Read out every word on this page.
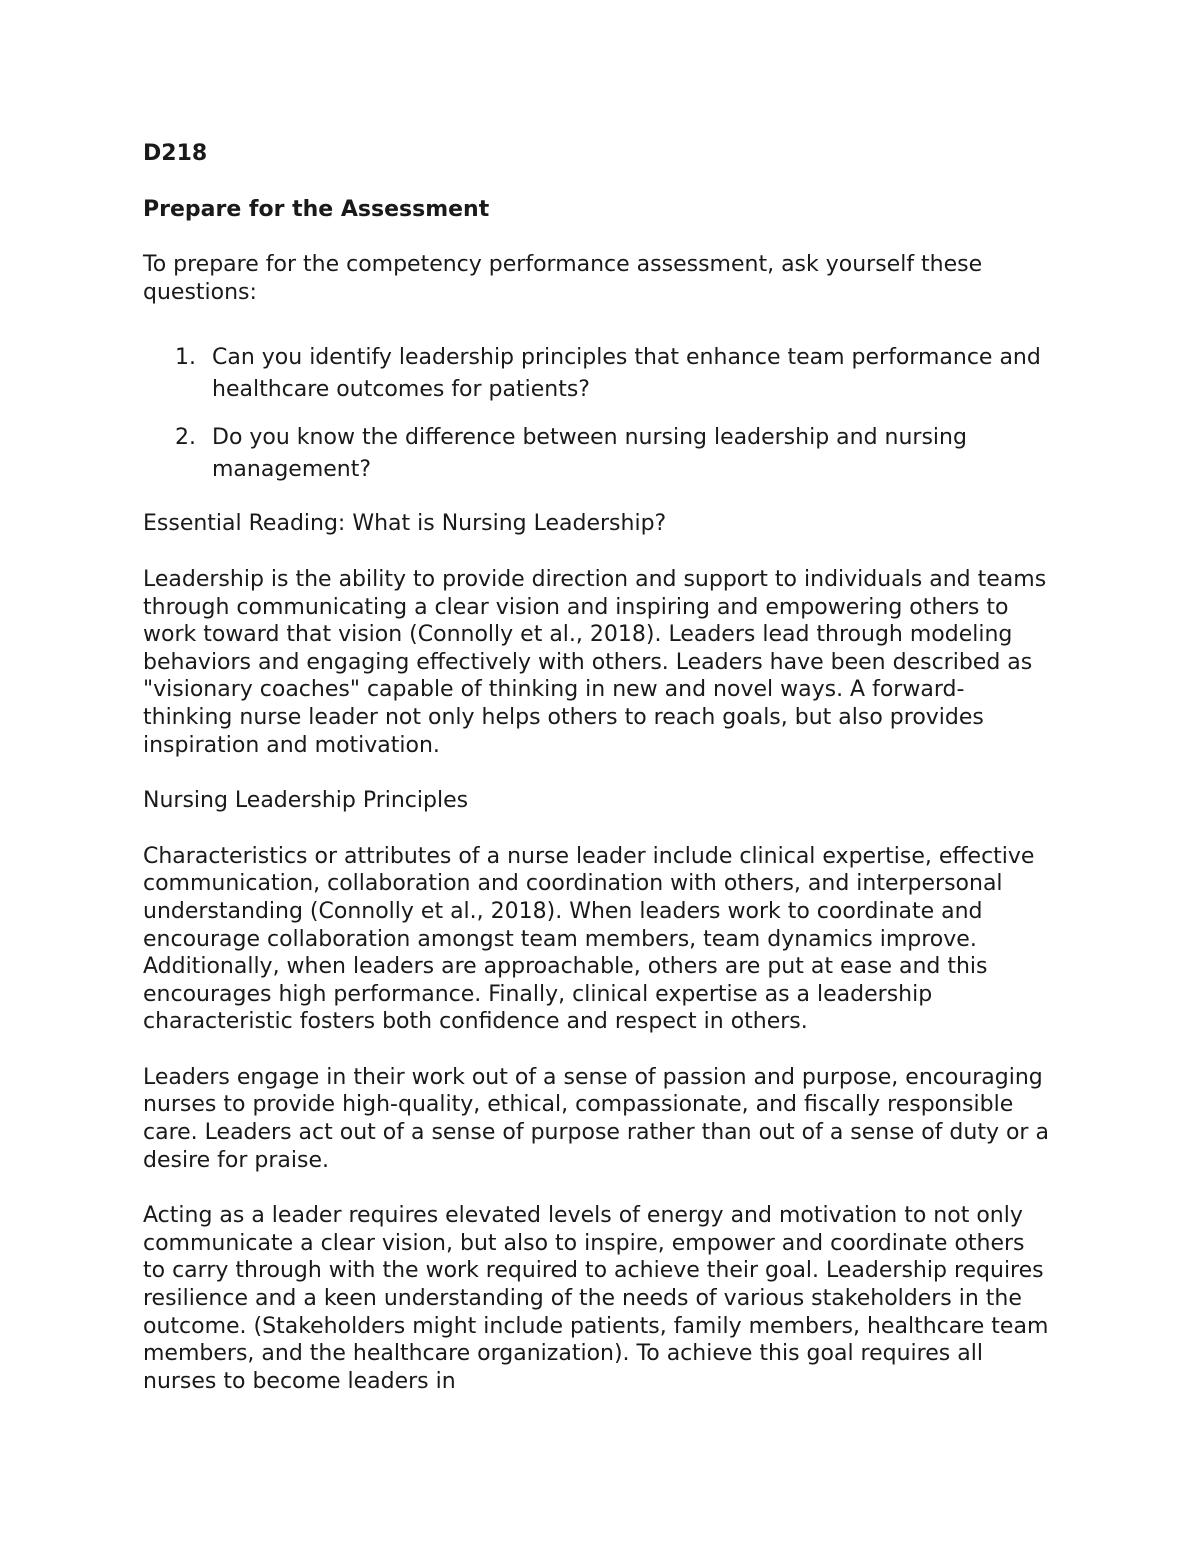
D218

Prepare for the Assessment

To prepare for the competency performance assessment, ask yourself these questions:

1. Can you identify leadership principles that enhance team performance and healthcare outcomes for patients?
2. Do you know the difference between nursing leadership and nursing management?

Essential Reading: What is Nursing Leadership?

Leadership is the ability to provide direction and support to individuals and teams through communicating a clear vision and inspiring and empowering others to work toward that vision (Connolly et al., 2018). Leaders lead through modeling behaviors and engaging effectively with others. Leaders have been described as "visionary coaches" capable of thinking in new and novel ways. A forward-thinking nurse leader not only helps others to reach goals, but also provides inspiration and motivation.

Nursing Leadership Principles

Characteristics or attributes of a nurse leader include clinical expertise, effective communication, collaboration and coordination with others, and interpersonal understanding (Connolly et al., 2018). When leaders work to coordinate and encourage collaboration amongst team members, team dynamics improve. Additionally, when leaders are approachable, others are put at ease and this encourages high performance. Finally, clinical expertise as a leadership characteristic fosters both confidence and respect in others.

Leaders engage in their work out of a sense of passion and purpose, encouraging nurses to provide high-quality, ethical, compassionate, and fiscally responsible care. Leaders act out of a sense of purpose rather than out of a sense of duty or a desire for praise.

Acting as a leader requires elevated levels of energy and motivation to not only communicate a clear vision, but also to inspire, empower and coordinate others to carry through with the work required to achieve their goal. Leadership requires resilience and a keen understanding of the needs of various stakeholders in the outcome. (Stakeholders might include patients, family members, healthcare team members, and the healthcare organization). To achieve this goal requires all nurses to become leaders in
